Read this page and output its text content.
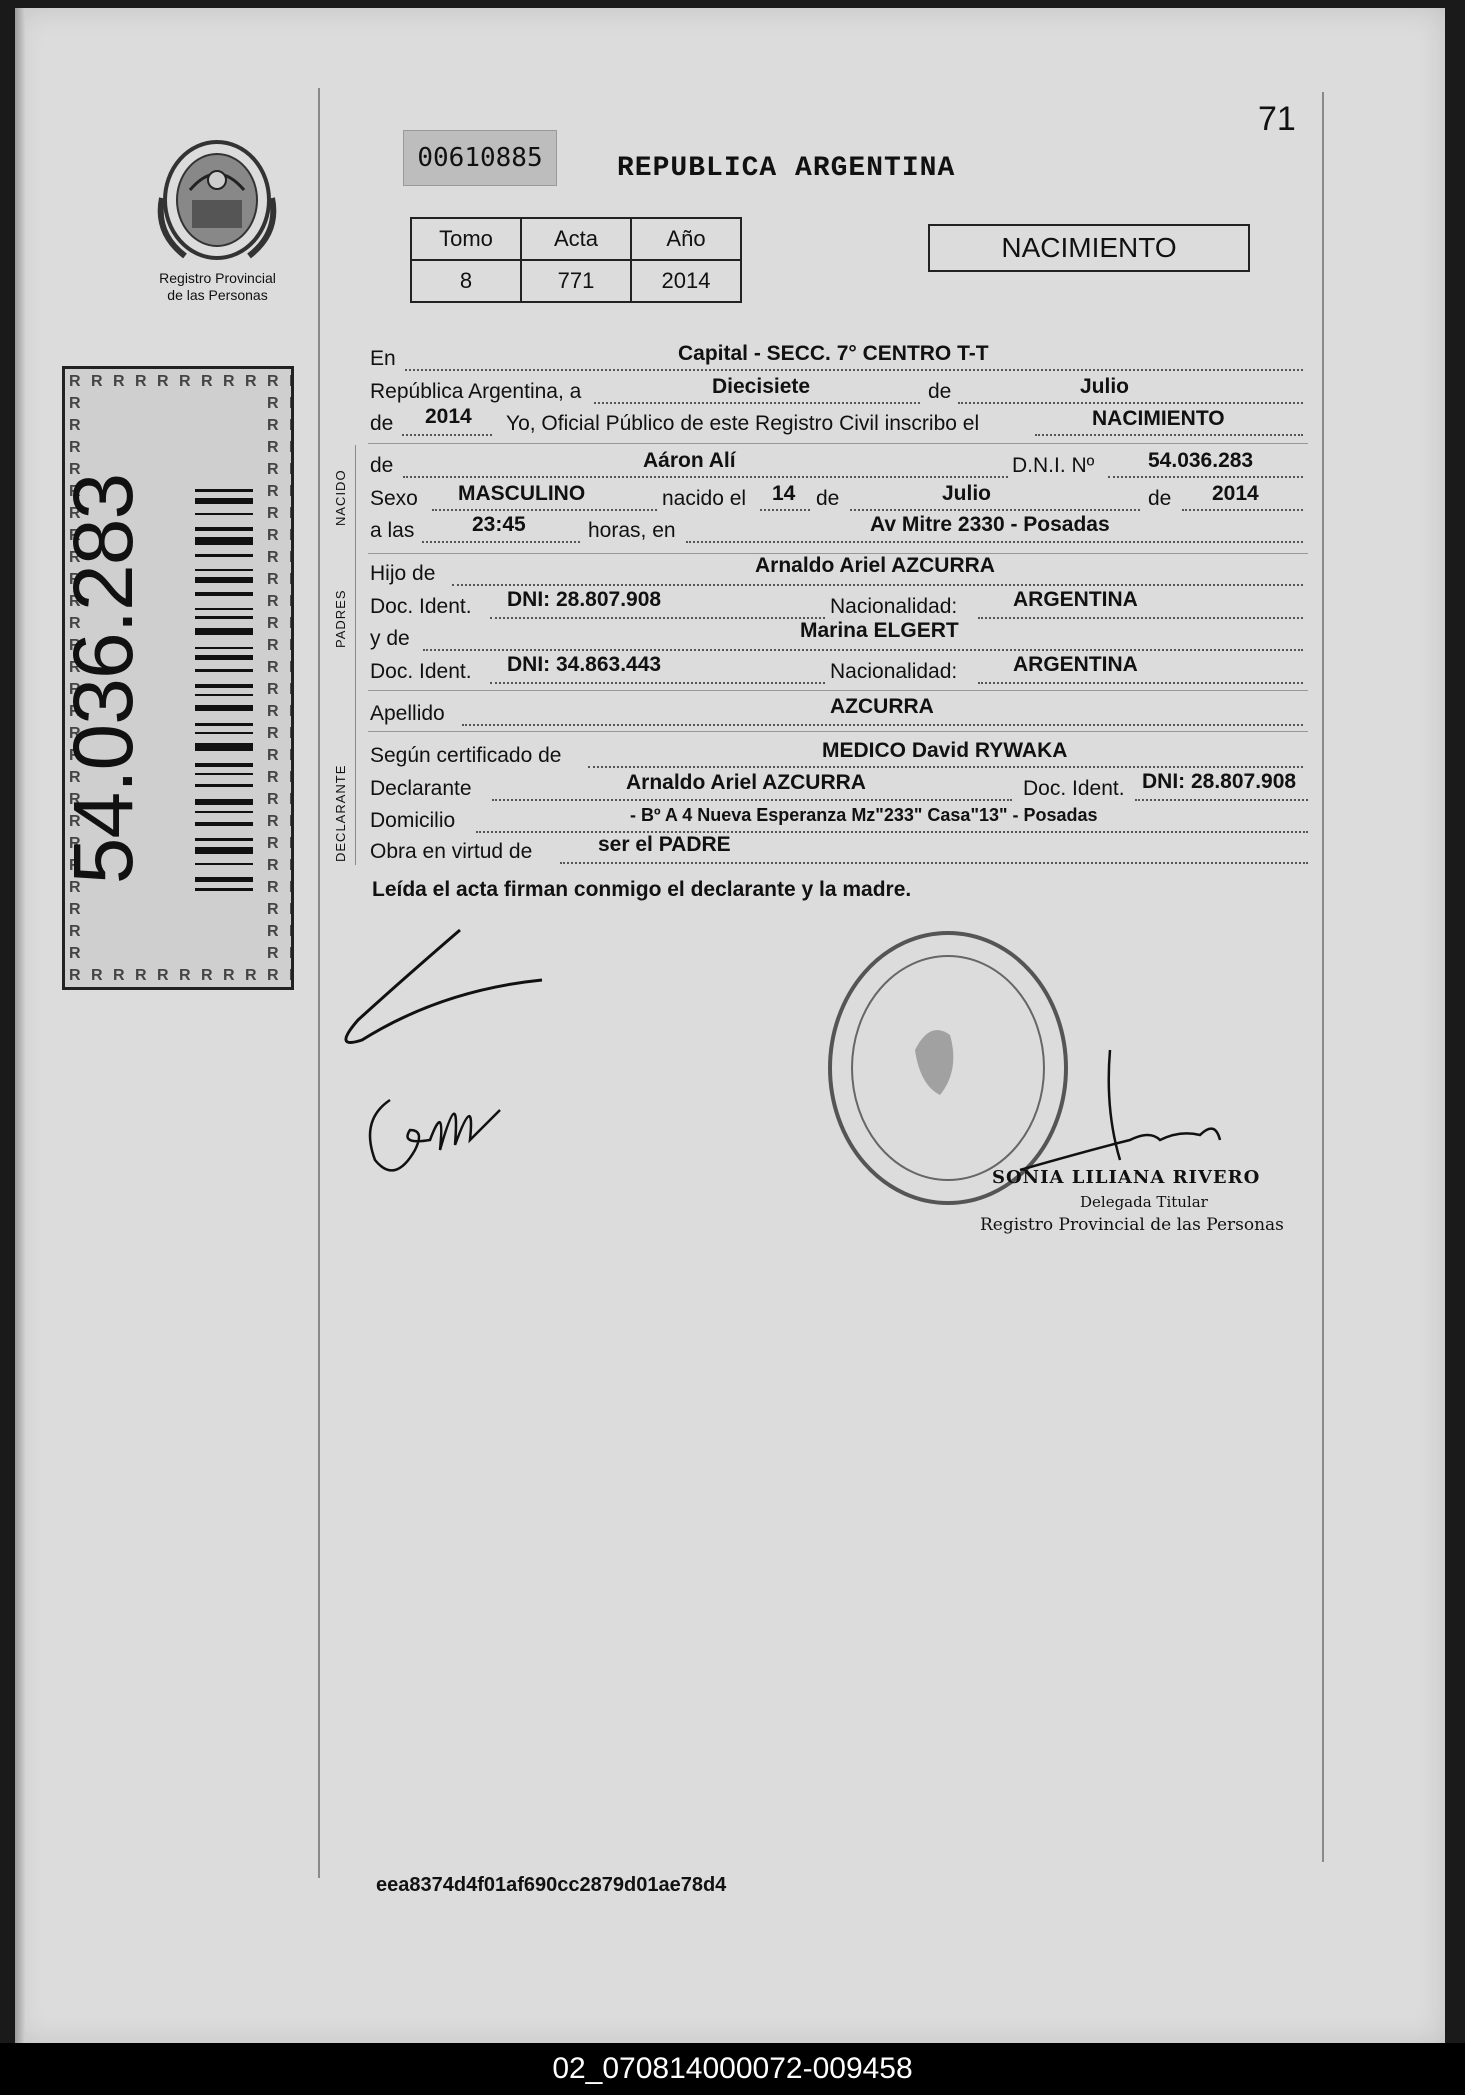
71
00610885	REPUBLICA ARGENTINA
Tomo	Acta	Año
8	771	2014
NACIMIENTO
Registro Provincial
de las Personas
54.036.283	NACIDO
PADRES
DECLARANTE
En	Capital - SECC. 7° CENTRO T-T
República Argentina, a	Diecisiete	de	Julio
de 2014 Yo, Oficial Público de este Registro Civil inscribo el	NACIMIENTO
de	Aáron Alí	D.N.I. Nº	54.036.283
Sexo MASCULINO	nacido el 14 de	Julio	de 2014
a las	23:45	horas, en	Av Mitre 2330 - Posadas
Hijo de	Arnaldo Ariel AZCURRA
Doc. Ident. DNI: 28.807.908	Nacionalidad:	ARGENTINA
y de	Marina ELGERT
Doc. Ident. DNI: 34.863.443	Nacionalidad:	ARGENTINA
Apellido	AZCURRA
Según certificado de	MEDICO David RYWAKA
Declarante	Arnaldo Ariel AZCURRA	Doc. Ident. DNI: 28.807.908
Domicilio	- Bº A 4 Nueva Esperanza Mz"233" Casa"13" - Posadas
Obra en virtud de	ser el PADRE
Leída el acta firman conmigo el declarante y la madre.
SONIA LILIANA RIVERO
Delegada Titular
Registro Provincial de las Personas
eea8374d4f01af690cc2879d01ae78d4
02_070814000072-009458
